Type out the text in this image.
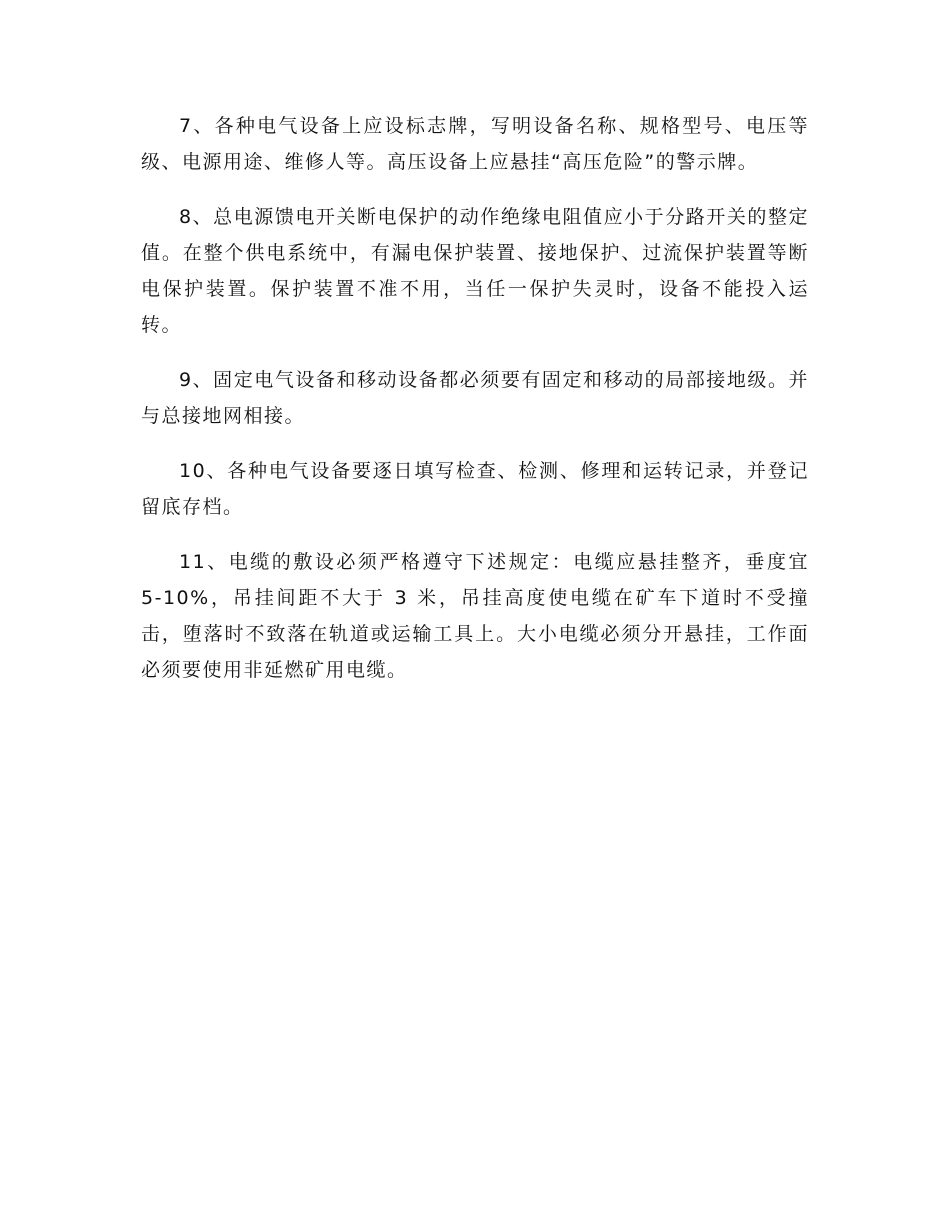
7、各种电气设备上应设标志牌，写明设备名称、规格型号、电压等级、电源用途、维修人等。高压设备上应悬挂“高压危险”的警示牌。

8、总电源馈电开关断电保护的动作绝缘电阻值应小于分路开关的整定值。在整个供电系统中，有漏电保护装置、接地保护、过流保护装置等断电保护装置。保护装置不准不用，当任一保护失灵时，设备不能投入运转。

9、固定电气设备和移动设备都必须要有固定和移动的局部接地级。并与总接地网相接。

10、各种电气设备要逐日填写检查、检测、修理和运转记录，并登记留底存档。

11、电缆的敷设必须严格遵守下述规定：电缆应悬挂整齐，垂度宜 5-10%，吊挂间距不大于 3 米，吊挂高度使电缆在矿车下道时不受撞击，堕落时不致落在轨道或运输工具上。大小电缆必须分开悬挂，工作面必须要使用非延燃矿用电缆。
